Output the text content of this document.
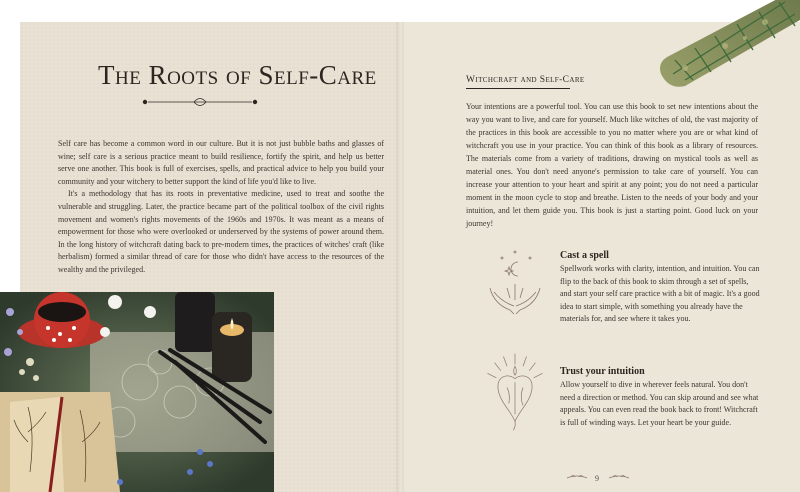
The Roots of Self-Care

Self care has become a common word in our culture. But it is not just bubble baths and glasses of wine; self care is a serious practice meant to build resilience, fortify the spirit, and help us better serve one another. This book is full of exercises, spells, and practical advice to help you build your community and your witchery to better support the kind of life you'd like to live.

It's a methodology that has its roots in preventative medicine, used to treat and soothe the vulnerable and struggling. Later, the practice became part of the political toolbox of the civil rights movement and women's rights movements of the 1960s and 1970s. It was meant as a means of empowerment for those who were overlooked or underserved by the systems of power around them. In the long history of witchcraft dating back to pre-modern times, the practices of witches' craft (like herbalism) formed a similar thread of care for those who didn't have access to the resources of the wealthy and the privileged.

Witchcraft and Self-Care
Your intentions are a powerful tool. You can use this book to set new intentions about the way you want to live, and care for yourself. Much like witches of old, the vast majority of the practices in this book are accessible to you no matter where you are or what kind of witchcraft you use in your practice. You can think of this book as a library of resources. The materials come from a variety of traditions, drawing on mystical tools as well as material ones. You don't need anyone's permission to take care of yourself. You can increase your attention to your heart and spirit at any point; you do not need a particular moment in the moon cycle to stop and breathe. Listen to the needs of your body and your intuition, and let them guide you. This book is just a starting point. Good luck on your journey!
Cast a spell
Spellwork works with clarity, intention, and intuition. You can flip to the back of this book to skim through a set of spells, and start your self care practice with a bit of magic. It's a good idea to start simple, with something you already have the materials for, and see where it takes you.
Trust your intuition
Allow yourself to dive in wherever feels natural. You don't need a direction or method. You can skip around and see what appeals. You can even read the book back to front! Witchcraft is full of winding ways. Let your heart be your guide.
9
